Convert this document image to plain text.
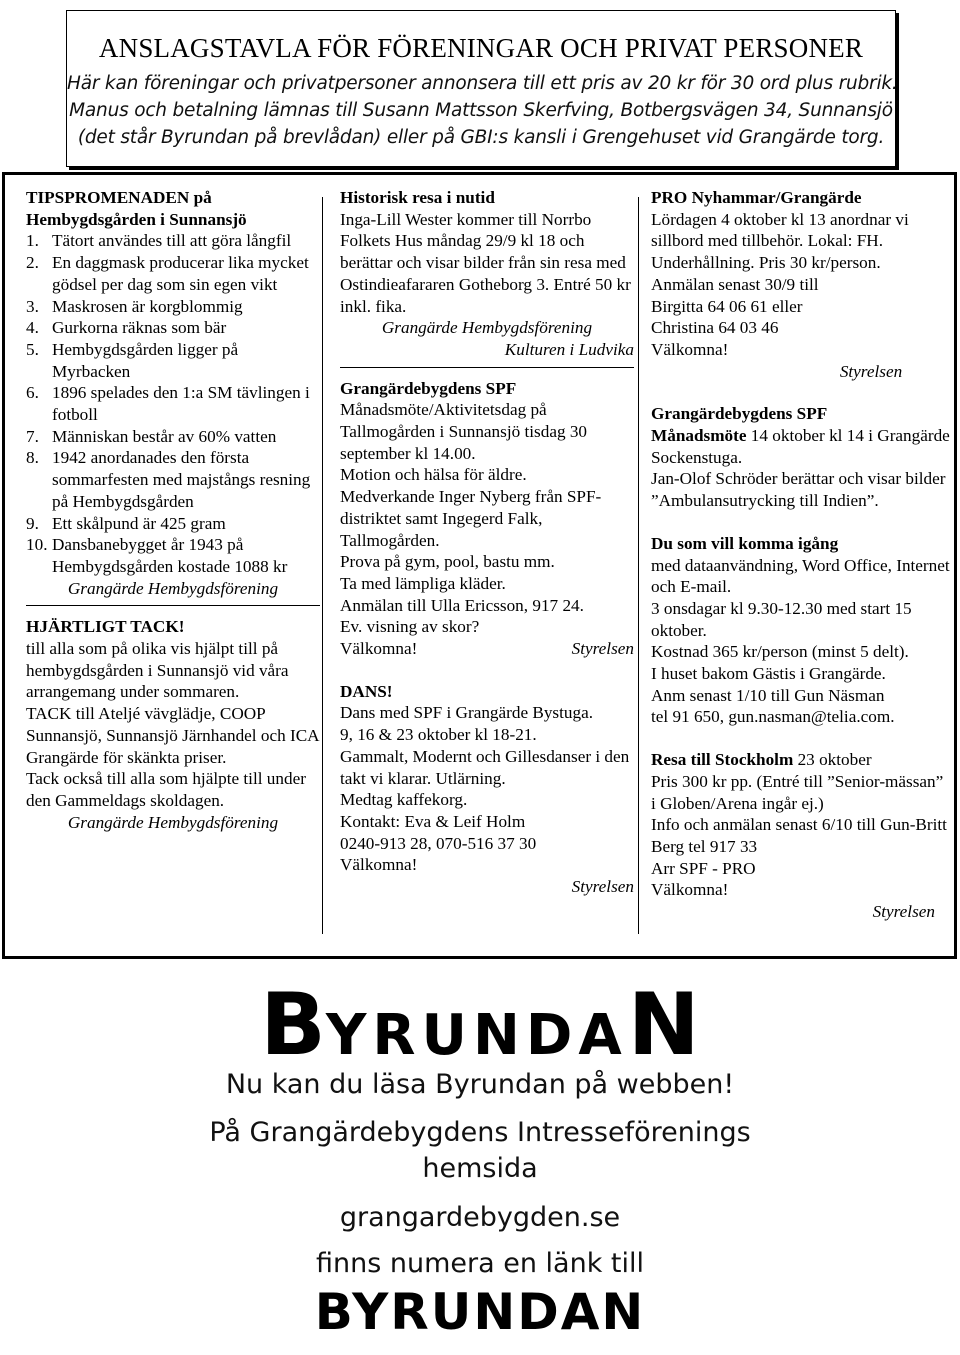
ANSLAGSTAVLA FÖR FÖRENINGAR OCH PRIVAT PERSONER
Här kan föreningar och privatpersoner annonsera till ett pris av 20 kr för 30 ord plus rubrik.
Manus och betalning lämnas till Susann Mattsson Skerfving, Botbergsvägen 34, Sunnansjö
(det står Byrundan på brevlådan) eller på GBI:s kansli i Grengehuset vid Grangärde torg.

TIPSPROMENADEN på

Hembygdsgården i Sunnansjö

1. Tätort användes till att göra långfil
2. En daggmask producerar lika mycket gödsel per dag som sin egen vikt
3. Maskrosen är korgblommig
4. Gurkorna räknas som bär
5. Hembygdsgården ligger på Myrbacken
6. 1896 spelades den 1:a SM tävlingen i fotboll
7. Människan består av 60% vatten
8. 1942 anordanades den första sommarfesten med majstångs resning på Hembygdsgården
9. Ett skålpund är 425 gram
10. Dansbanebygget år 1943 på Hembygdsgården kostade 1088 kr

Grangärde Hembygdsförening

HJÄRTLIGT TACK!

till alla som på olika vis hjälpt till på hembygdsgården i Sunnansjö vid våra arrangemang under sommaren.

TACK till Ateljé vävglädje, COOP Sunnansjö, Sunnansjö Järnhandel och ICA Grangärde för skänkta priser.

Tack också till alla som hjälpte till under den Gammeldags skoldagen.

Grangärde Hembygdsförening

Historisk resa i nutid

Inga-Lill Wester kommer till Norrbo Folkets Hus måndag 29/9 kl 18 och berättar och visar bilder från sin resa med Ostindieafararen Gotheborg 3. Entré 50 kr inkl. fika.

Grangärde Hembygdsförening

Kulturen i Ludvika

Grangärdebygdens SPF

Månadsmöte/Aktivitetsdag på Tallmogården i Sunnansjö tisdag 30 september kl 14.00.

Motion och hälsa för äldre.

Medverkande Inger Nyberg från SPF-distriktet samt Ingegerd Falk, Tallmogården.

Prova på gym, pool, bastu mm.

Ta med lämpliga kläder.

Anmälan till Ulla Ericsson, 917 24.

Ev. visning av skor?

Välkomna!	Styrelsen

DANS!

Dans med SPF i Grangärde Bystuga.

9, 16 & 23 oktober kl 18-21.

Gammalt, Modernt och Gillesdanser i den takt vi klarar. Utlärning.

Medtag kaffekorg.

Kontakt: Eva & Leif Holm

0240-913 28, 070-516 37 30

Välkomna!

Styrelsen

PRO Nyhammar/Grangärde

Lördagen 4 oktober kl 13 anordnar vi sillbord med tillbehör. Lokal: FH. Underhållning. Pris 30 kr/person.

Anmälan senast 30/9 till

Birgitta 64 06 61 eller

Christina 64 03 46

Välkomna!

Styrelsen

Grangärdebygdens SPF

Månadsmöte 14 oktober kl 14 i Grangärde Sockenstuga.

Jan-Olof Schröder berättar och visar bilder ”Ambulansutrycking till Indien”.

Du som vill komma igång

med dataanvändning, Word Office, Internet och E-mail.

3 onsdagar kl 9.30-12.30 med start 15 oktober.

Kostnad 365 kr/person (minst 5 delt).

I huset bakom Gästis i Grangärde.

Anm senast 1/10 till Gun Näsman

tel 91 650, gun.nasman@telia.com.

Resa till Stockholm 23 oktober

Pris 300 kr pp. (Entré till ”Senior-mässan” i Globen/Arena ingår ej.)

Info och anmälan senast 6/10 till Gun-Britt Berg tel 917 33

Arr SPF - PRO

Välkomna!

Styrelsen

BYRUNDAN
Nu kan du läsa Byrundan på webben!
På Grangärdebygdens Intresseförenings
hemsida
grangardebygden.se
finns numera en länk till
BYRUNDAN
